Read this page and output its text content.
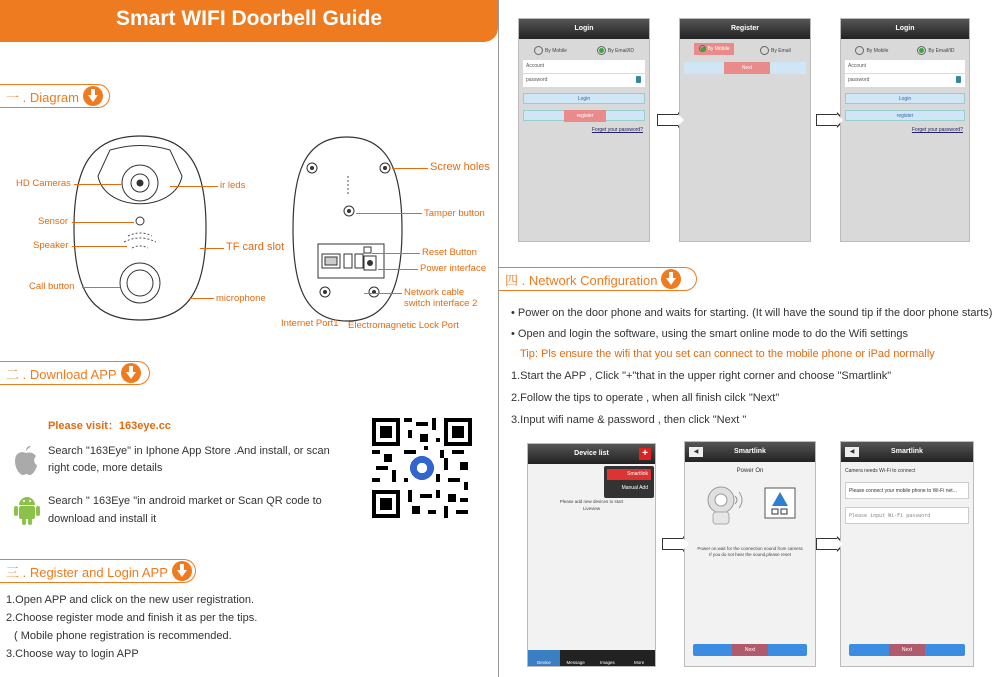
Smart WIFI Doorbell Guide
一 . Diagram
HD Cameras	ir leds
Sensor
Speaker	TF card slot
Call button
microphone
Screw holes
Tamper button
Reset Button
Power interface
Network cable
switch interface 2
Internet Port1 Electromagnetic Lock Port
二 . Download APP
Please visit：163eye.cc
Search "163Eye" in Iphone App Store .And install, or scan
right code, more details
Search " 163Eye "in android market or Scan QR code to
download and install it
三 . Register and Login APP
1.Open APP and click on the new user registration.
2.Choose register mode and finish it as per the tips.
( Mobile phone registration is recommended.
3.Choose way to login APP
Login
By Mobile	By Email/ID
Account
password
Login
register
Forget your password?
Register
By Mobile	By Email
Next
Login
By Mobile	By Email/ID
Account
password
Login
register
Forget your password?
四 . Network Configuration
• Power on the door phone and waits for starting. (It will have the sound tip if the door phone starts)
• Open and login the software, using the smart online mode to do the Wifi settings
Tip: Pls ensure the wifi that you set can connect to the mobile phone or iPad normally
1.Start the APP , Click "+"that in the upper right corner and choose "Smartlink"
2.Follow the tips to operate , when all finish cilck "Next"
3.Input wifi name & password , then click "Next "
Device list	+
Smartlink
Manual Add
Please add new devices to start
Liveview
Device	Message	Images	More
◀	Smartlink
Power On
Power on,wait for the connection sound from camera
If you do not hear the sound,please reset
Next
◀	Smartlink
Camera needs Wi-Fi to connect
Please connect your mobile phone to Wi-Fi net...
Please input Wi-Fi password
Next
